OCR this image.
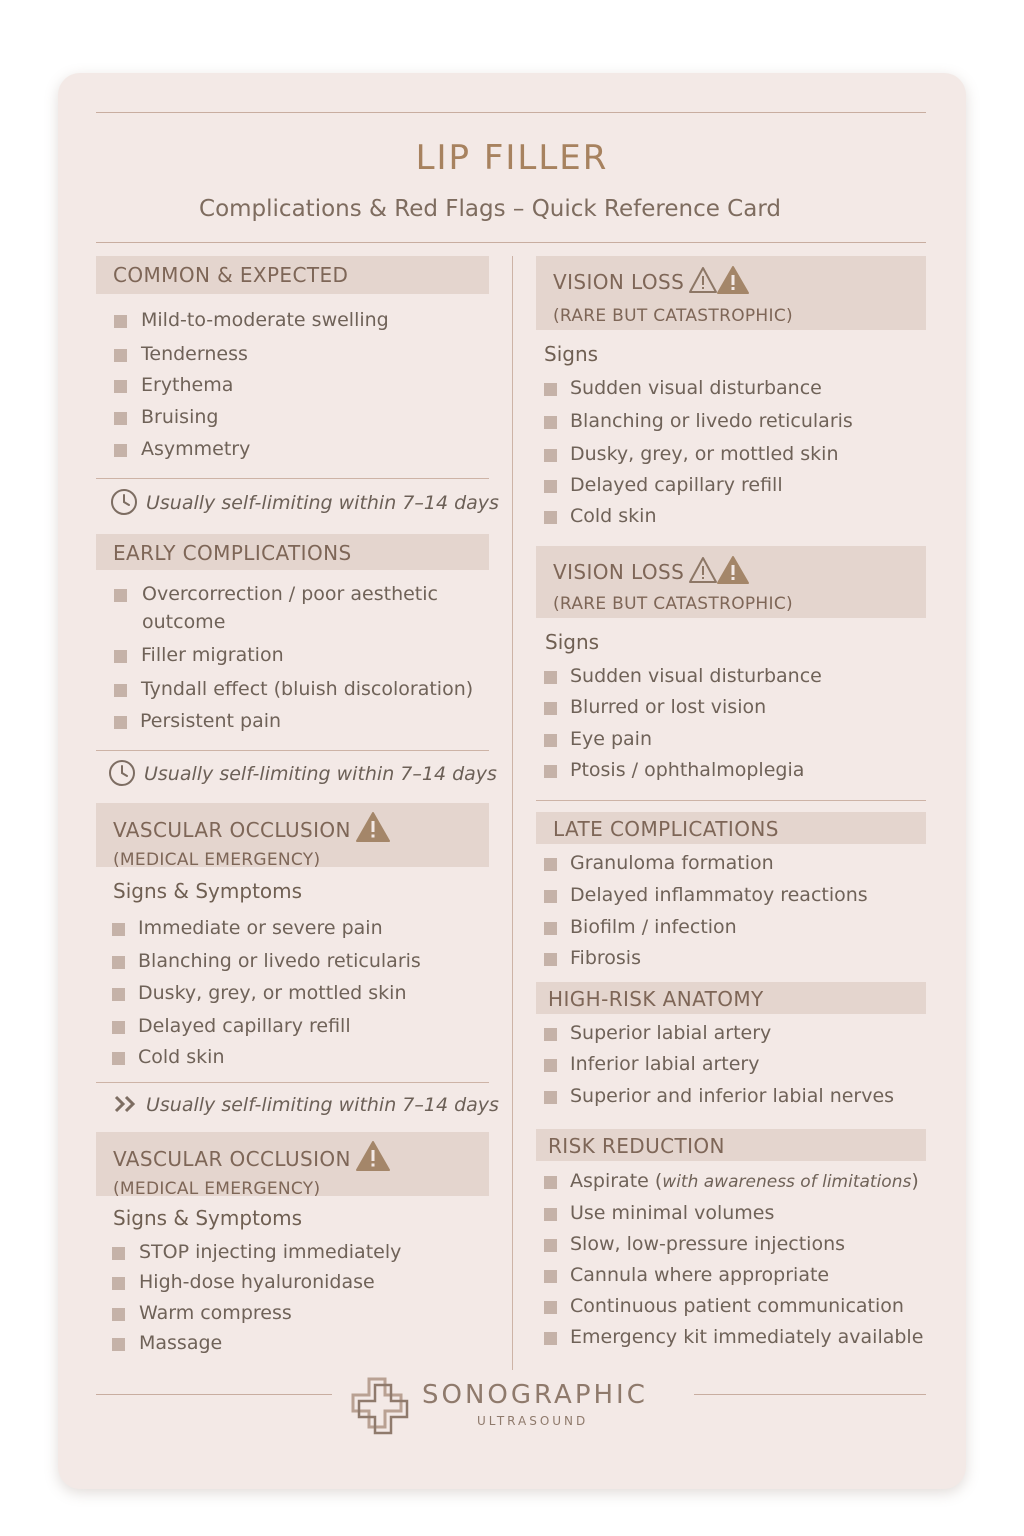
LIP FILLER
Complications & Red Flags – Quick Reference Card
COMMON & EXPECTED
Mild-to-moderate swelling
Tenderness
Erythema
Bruising
Asymmetry
Usually self-limiting within 7–14 days
EARLY COMPLICATIONS
Overcorrection / poor aesthetic
outcome
Filler migration
Tyndall effect (bluish discoloration)
Persistent pain
Usually self-limiting within 7–14 days
VASCULAR OCCLUSION
(MEDICAL EMERGENCY)
Signs & Symptoms
Immediate or severe pain
Blanching or livedo reticularis
Dusky, grey, or mottled skin
Delayed capillary refill
Cold skin
Usually self-limiting within 7–14 days
VASCULAR OCCLUSION
(MEDICAL EMERGENCY)
Signs & Symptoms
STOP injecting immediately
High-dose hyaluronidase
Warm compress
Massage
VISION LOSS
(RARE BUT CATASTROPHIC)
Signs
Sudden visual disturbance
Blanching or livedo reticularis
Dusky, grey, or mottled skin
Delayed capillary refill
Cold skin
VISION LOSS
(RARE BUT CATASTROPHIC)
Signs
Sudden visual disturbance
Blurred or lost vision
Eye pain
Ptosis / ophthalmoplegia
LATE COMPLICATIONS
Granuloma formation
Delayed inflammatoy reactions
Biofilm / infection
Fibrosis
HIGH-RISK ANATOMY
Superior labial artery
Inferior labial artery
Superior and inferior labial nerves
RISK REDUCTION
Aspirate (with awareness of limitations)
Use minimal volumes
Slow, low-pressure injections
Cannula where appropriate
Continuous patient communication
Emergency kit immediately available
SONOGRAPHIC
ULTRASOUND
